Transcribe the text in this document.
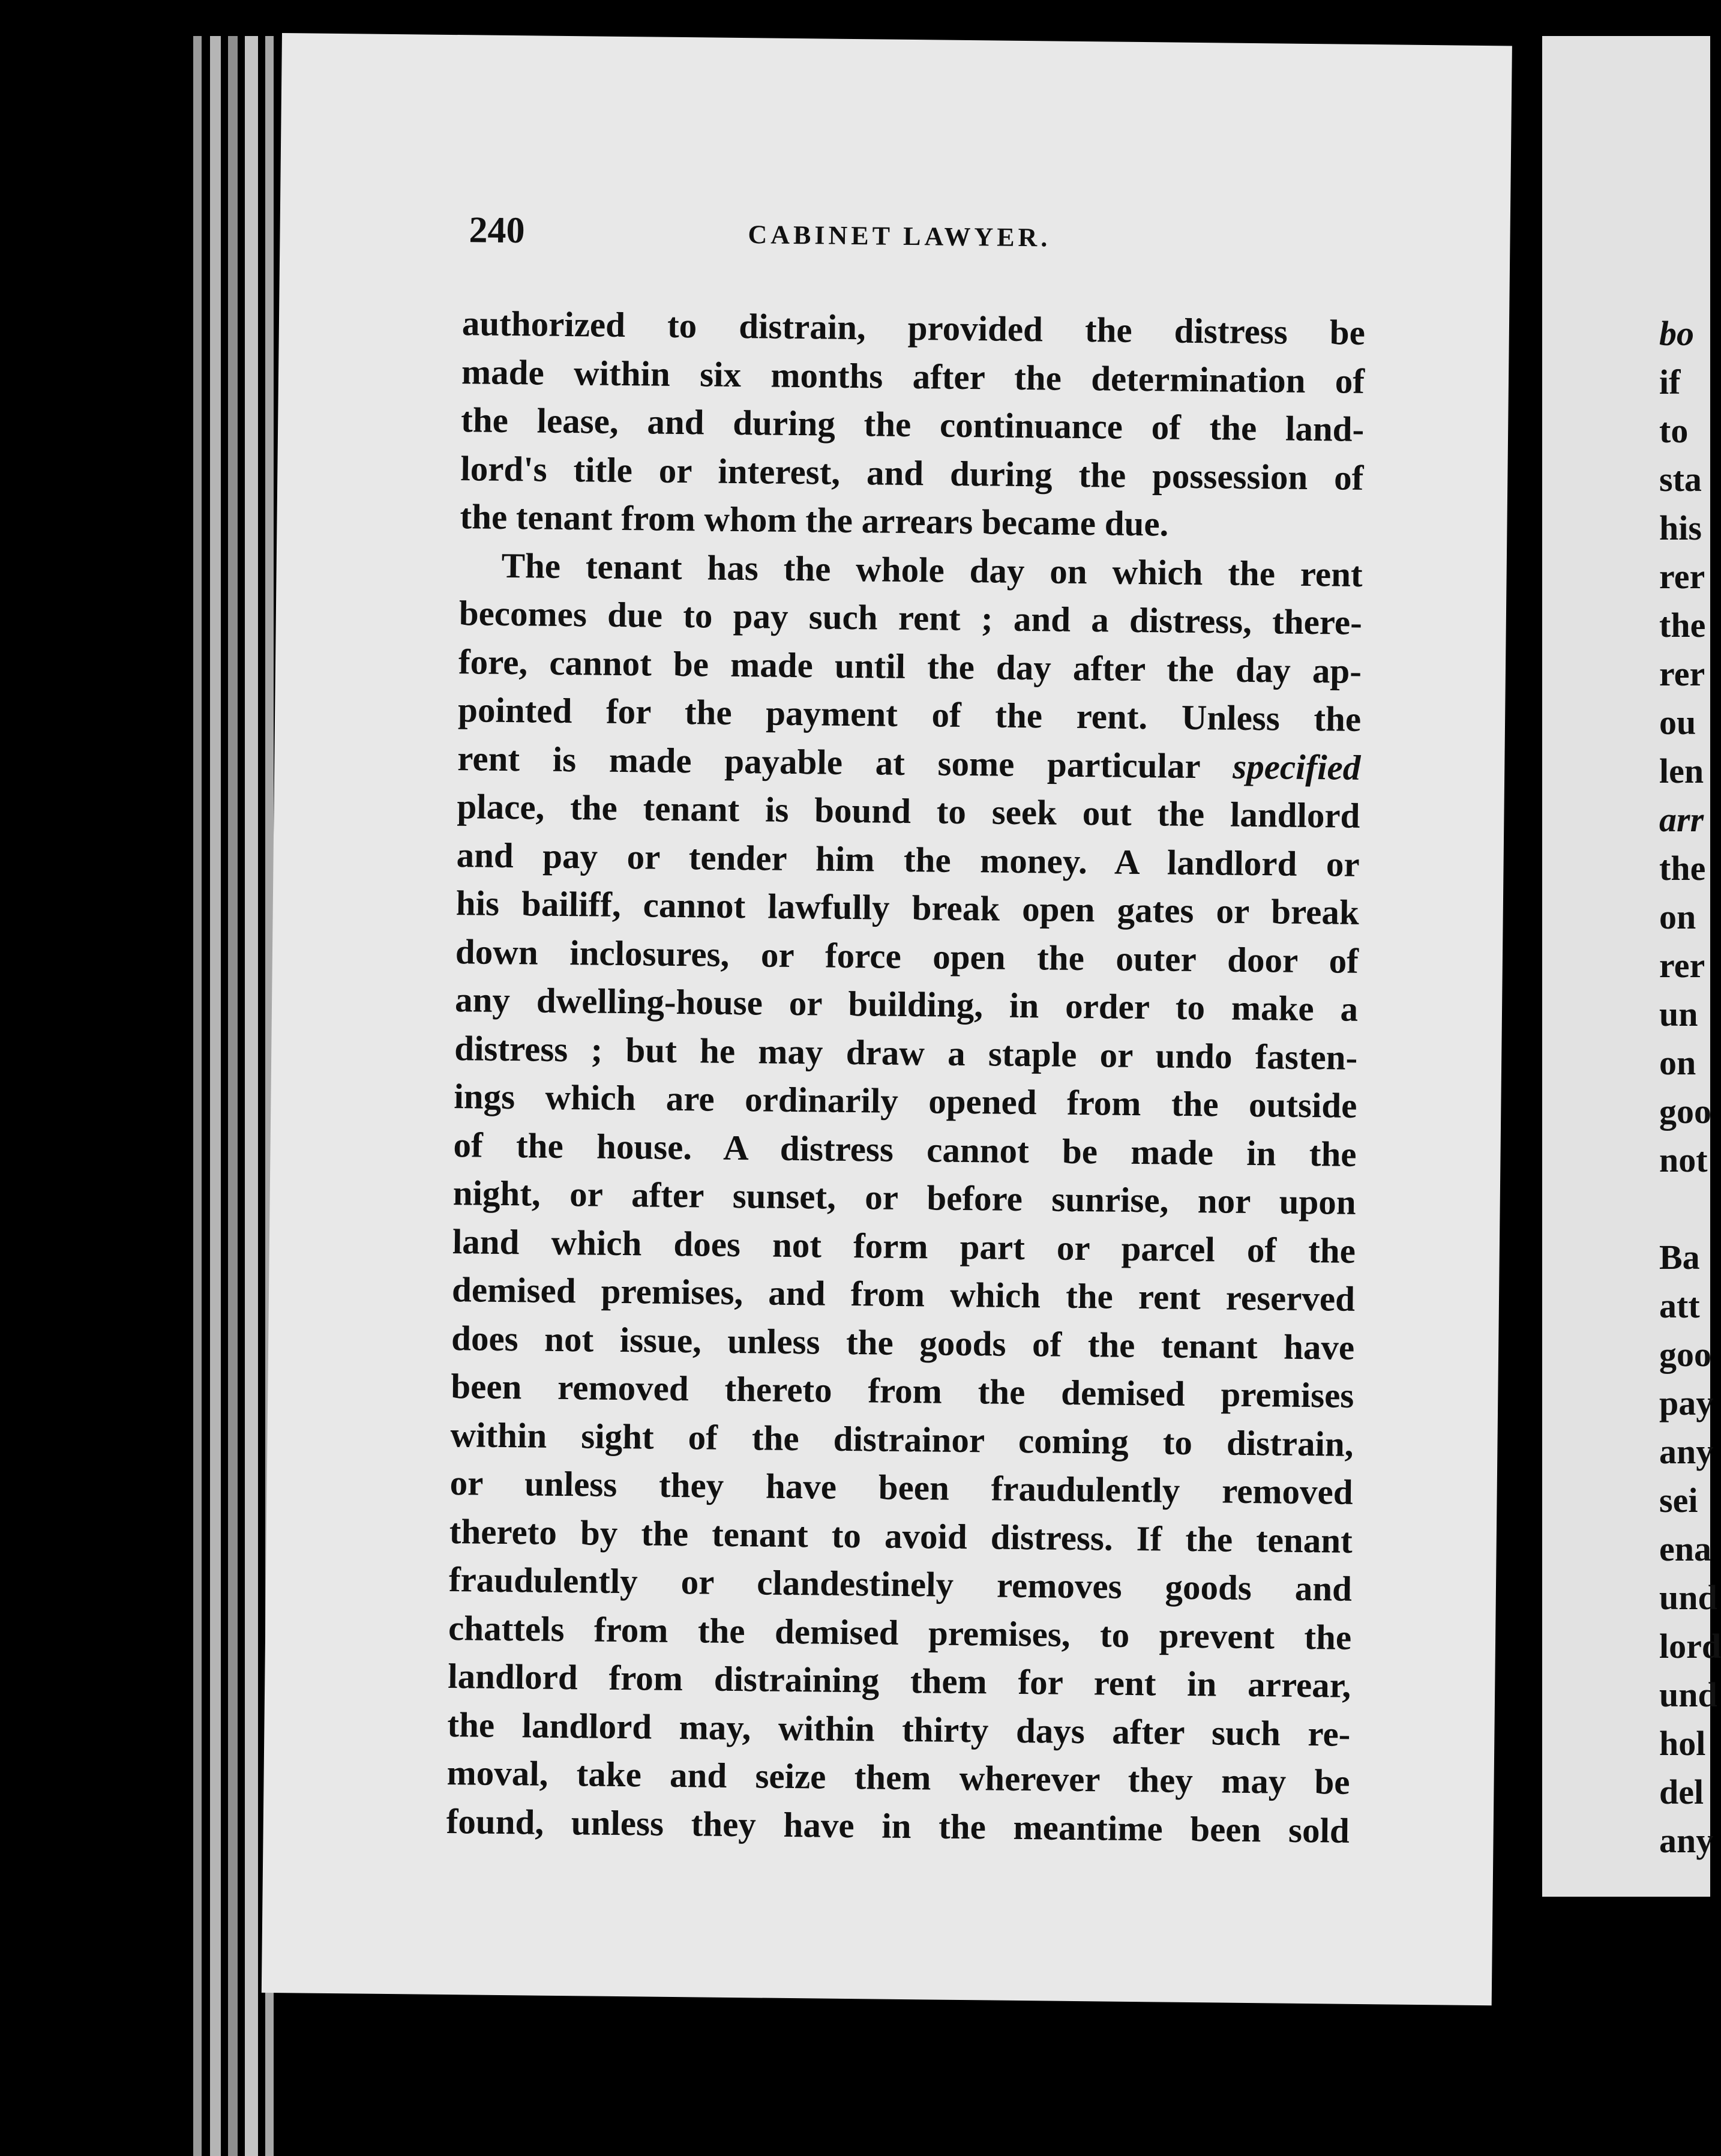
240	CABINET LAWYER.
authorized to distrain, provided the distress be
made within six months after the determination of
the lease, and during the continuance of the land-
lord's title or interest, and during the possession of
the tenant from whom the arrears became due.
The tenant has the whole day on which the rent
becomes due to pay such rent ; and a distress, there-
fore, cannot be made until the day after the day ap-
pointed for the payment of the rent. Unless the
rent is made payable at some particular specified
place, the tenant is bound to seek out the landlord
and pay or tender him the money. A landlord or
his bailiff, cannot lawfully break open gates or break
down inclosures, or force open the outer door of
any dwelling-house or building, in order to make a
distress ; but he may draw a staple or undo fasten-
ings which are ordinarily opened from the outside
of the house. A distress cannot be made in the
night, or after sunset, or before sunrise, nor upon
land which does not form part or parcel of the
demised premises, and from which the rent reserved
does not issue, unless the goods of the tenant have
been removed thereto from the demised premises
within sight of the distrainor coming to distrain,
or unless they have been fraudulently removed
thereto by the tenant to avoid distress. If the tenant
fraudulently or clandestinely removes goods and
chattels from the demised premises, to prevent the
landlord from distraining them for rent in arrear,
the landlord may, within thirty days after such re-
moval, take and seize them wherever they may be
found, unless they have in the meantime been sold
bo
if
to
sta
his
rer
the
rer
ou
len
arr
the
on
rer
un
on
goo
not
Ba
att
goo
pay
any
sei
ena
und
lord
und
hol
del
any
